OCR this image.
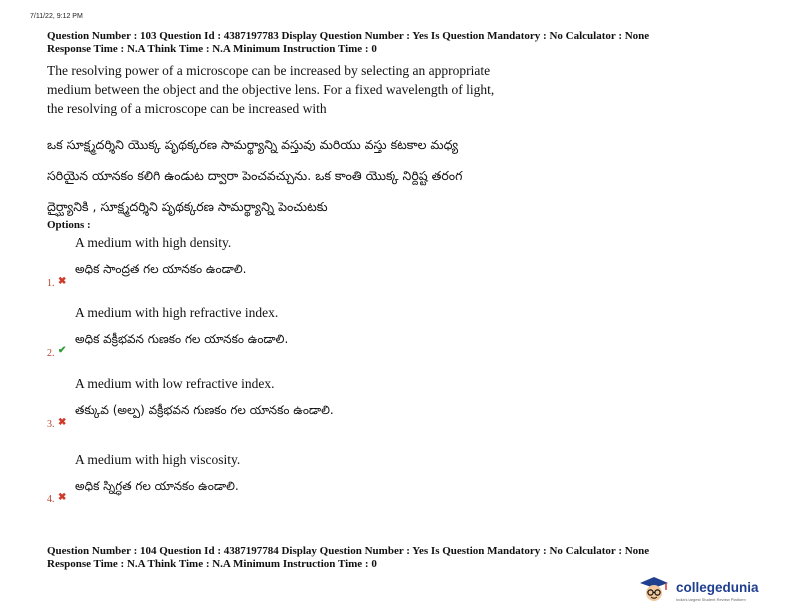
7/11/22, 9:12 PM
Question Number : 103 Question Id : 4387197783 Display Question Number : Yes Is Question Mandatory : No Calculator : None
Response Time : N.A Think Time : N.A Minimum Instruction Time : 0
The resolving power of a microscope can be increased by selecting an appropriate
medium between the object and the objective lens. For a fixed wavelength of light,
the resolving of a microscope can be increased with
ఒక సూక్ష్మదర్శిని యొక్క పృథక్కరణ సామర్థ్యాన్ని వస్తువు మరియు వస్తు కటకాల మధ్య
సరియైన యానకం కలిగి ఉండుట ద్వారా పెంచవచ్చును. ఒక కాంతి యొక్క నిర్దిష్ట తరంగ
దైర్ఘ్యానికి , సూక్ష్మదర్శిని పృథక్కరణ సామర్థ్యాన్ని పెంచుటకు
Options :
A medium with high density.
అధిక సాంద్రత గల యానకం ఉండాలి.
1. ✖
A medium with high refractive index.
అధిక వక్రీభవన గుణకం గల యానకం ఉండాలి.
2. ✔
A medium with low refractive index.
తక్కువ (అల్ప) వక్రీభవన గుణకం గల యానకం ఉండాలి.
3. ✖
A medium with high viscosity.
అధిక స్నిగ్ధత గల యానకం ఉండాలి.
4. ✖
Question Number : 104 Question Id : 4387197784 Display Question Number : Yes Is Question Mandatory : No Calculator : None
Response Time : N.A Think Time : N.A Minimum Instruction Time : 0
collegedunia
India's largest Student Review Platform
